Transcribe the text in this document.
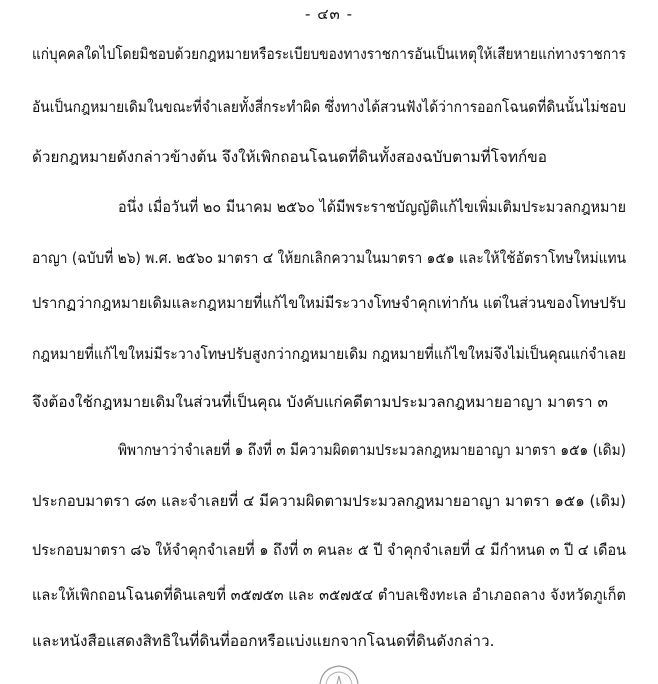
- ๔๓ -
แก่บุคคลใดไปโดยมิชอบด้วยกฎหมายหรือระเบียบของทางราชการอันเป็นเหตุให้เสียหายแก่ทางราชการ
อันเป็นกฎหมายเดิมในขณะที่จำเลยทั้งสี่กระทำผิด ซึ่งทางได้สวนฟังได้ว่าการออกโฉนดที่ดินนั้นไม่ชอบ
ด้วยกฎหมายดังกล่าวข้างต้น จึงให้เพิกถอนโฉนดที่ดินทั้งสองฉบับตามที่โจทก์ขอ
อนึ่ง เมื่อวันที่ ๒๐ มีนาคม ๒๕๖๐ ได้มีพระราชบัญญัติแก้ไขเพิ่มเติมประมวลกฎหมาย
อาญา (ฉบับที่ ๒๖) พ.ศ. ๒๕๖๐ มาตรา ๔ ให้ยกเลิกความในมาตรา ๑๕๑ และให้ใช้อัตราโทษใหม่แทน
ปรากฏว่ากฎหมายเดิมและกฎหมายที่แก้ไขใหม่มีระวางโทษจำคุกเท่ากัน แต่ในส่วนของโทษปรับ
กฎหมายที่แก้ไขใหม่มีระวางโทษปรับสูงกว่ากฎหมายเดิม กฎหมายที่แก้ไขใหม่จึงไม่เป็นคุณแก่จำเลย
จึงต้องใช้กฎหมายเดิมในส่วนที่เป็นคุณ บังคับแก่คดีตามประมวลกฎหมายอาญา มาตรา ๓
พิพากษาว่าจำเลยที่ ๑ ถึงที่ ๓ มีความผิดตามประมวลกฎหมายอาญา มาตรา ๑๕๑ (เดิม)
ประกอบมาตรา ๘๓ และจำเลยที่ ๔ มีความผิดตามประมวลกฎหมายอาญา มาตรา ๑๕๑ (เดิม)
ประกอบมาตรา ๘๖ ให้จำคุกจำเลยที่ ๑ ถึงที่ ๓ คนละ ๕ ปี จำคุกจำเลยที่ ๔ มีกำหนด ๓ ปี ๔ เดือน
และให้เพิกถอนโฉนดที่ดินเลขที่ ๓๕๗๕๓ และ ๓๕๗๕๔ ตำบลเชิงทะเล อำเภอถลาง จังหวัดภูเก็ต
และหนังสือแสดงสิทธิในที่ดินที่ออกหรือแบ่งแยกจากโฉนดที่ดินดังกล่าว.
